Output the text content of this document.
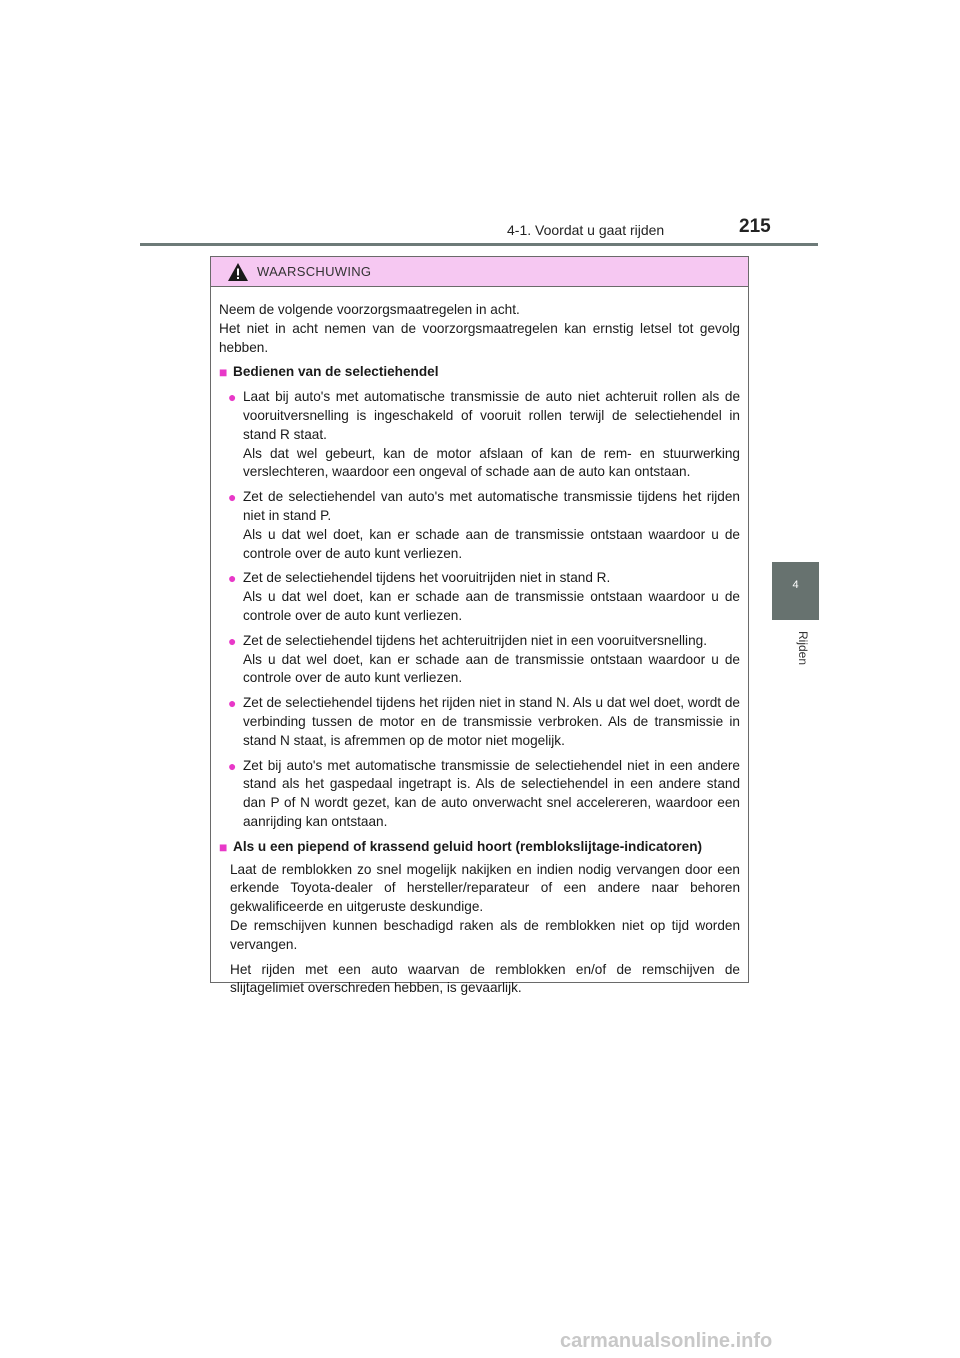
4-1. Voordat u gaat rijden	215
4
Rijden
WAARSCHUWING

Neem de volgende voorzorgsmaatregelen in acht.

Het niet in acht nemen van de voorzorgsmaatregelen kan ernstig letsel tot gevolg hebben.

■ Bedienen van de selectiehendel
● Laat bij auto's met automatische transmissie de auto niet achteruit rollen als de vooruitversnelling is ingeschakeld of vooruit rollen terwijl de selectiehendel in stand R staat.

Als dat wel gebeurt, kan de motor afslaan of kan de rem- en stuurwerking verslechteren, waardoor een ongeval of schade aan de auto kan ontstaan.

● Zet de selectiehendel van auto's met automatische transmissie tijdens het rijden niet in stand P.

Als u dat wel doet, kan er schade aan de transmissie ontstaan waardoor u de controle over de auto kunt verliezen.

● Zet de selectiehendel tijdens het vooruitrijden niet in stand R.

Als u dat wel doet, kan er schade aan de transmissie ontstaan waardoor u de controle over de auto kunt verliezen.

● Zet de selectiehendel tijdens het achteruitrijden niet in een vooruitversnelling.

Als u dat wel doet, kan er schade aan de transmissie ontstaan waardoor u de controle over de auto kunt verliezen.

● Zet de selectiehendel tijdens het rijden niet in stand N. Als u dat wel doet, wordt de verbinding tussen de motor en de transmissie verbroken. Als de transmissie in stand N staat, is afremmen op de motor niet mogelijk.

● Zet bij auto's met automatische transmissie de selectiehendel niet in een andere stand als het gaspedaal ingetrapt is. Als de selectiehendel in een andere stand dan P of N wordt gezet, kan de auto onverwacht snel accelereren, waardoor een aanrijding kan ontstaan.

■ Als u een piepend of krassend geluid hoort (remblokslijtage-indicatoren)

Laat de remblokken zo snel mogelijk nakijken en indien nodig vervangen door een erkende Toyota-dealer of hersteller/reparateur of een andere naar behoren gekwalificeerde en uitgeruste deskundige.

De remschijven kunnen beschadigd raken als de remblokken niet op tijd worden vervangen.

Het rijden met een auto waarvan de remblokken en/of de remschijven de slijtagelimiet overschreden hebben, is gevaarlijk.

carmanualsonline.info
